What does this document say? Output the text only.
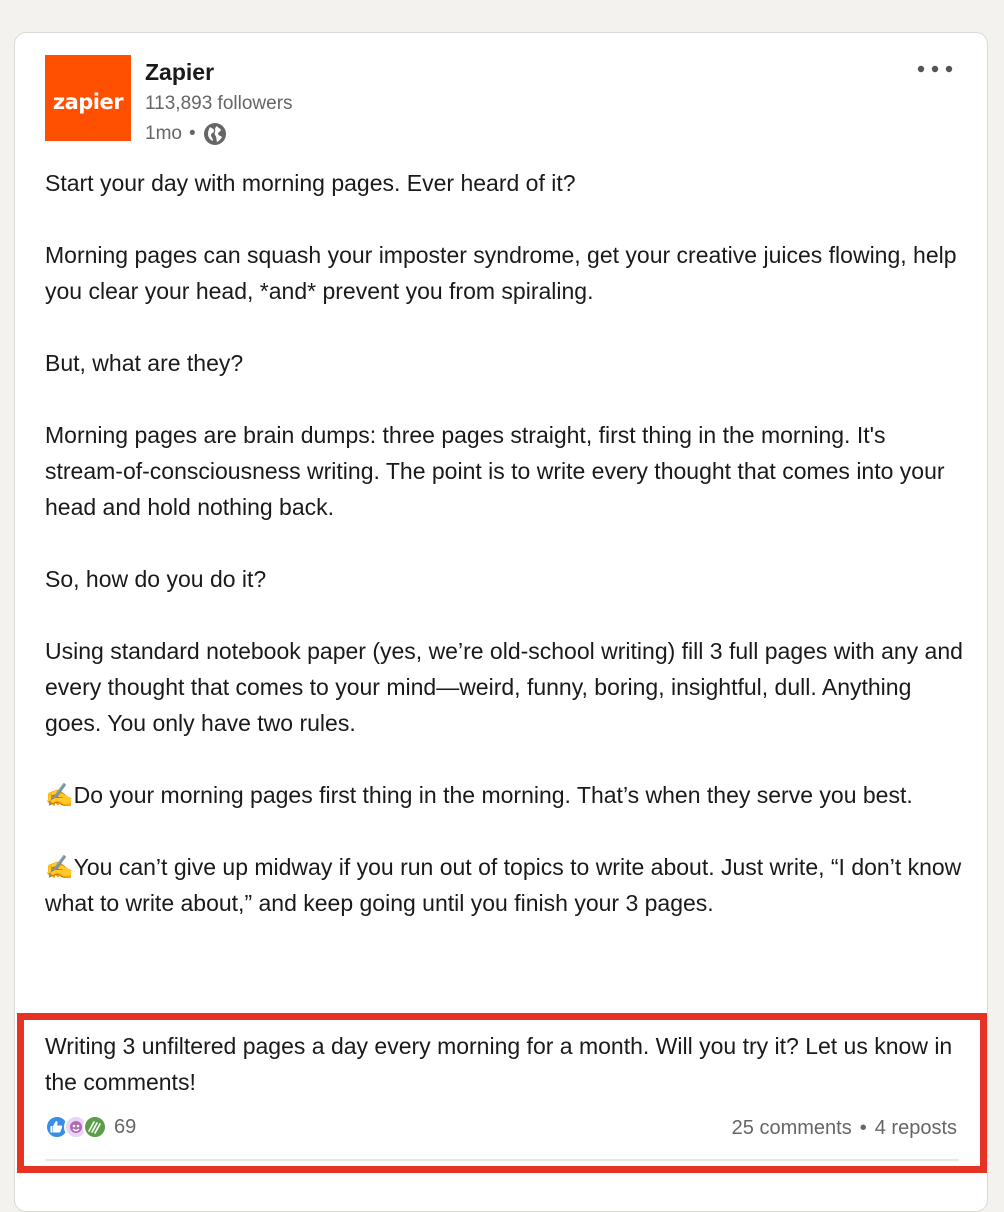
zapier
Zapier
113,893 followers
1mo •

Start your day with morning pages. Ever heard of it?

Morning pages can squash your imposter syndrome, get your creative juices flowing, help you clear your head, *and* prevent you from spiraling.

But, what are they?

Morning pages are brain dumps: three pages straight, first thing in the morning. It's stream-of-consciousness writing. The point is to write every thought that comes into your head and hold nothing back.

So, how do you do it?

Using standard notebook paper (yes, we’re old-school writing) fill 3 full pages with any and every thought that comes to your mind—weird, funny, boring, insightful, dull. Anything goes. You only have two rules.

✍️Do your morning pages first thing in the morning. That’s when they serve you best.

✍️You can’t give up midway if you run out of topics to write about. Just write, “I don’t know what to write about,” and keep going until you finish your 3 pages.

Writing 3 unfiltered pages a day every morning for a month. Will you try it? Let us know in the comments!
69	25 comments • 4 reposts
